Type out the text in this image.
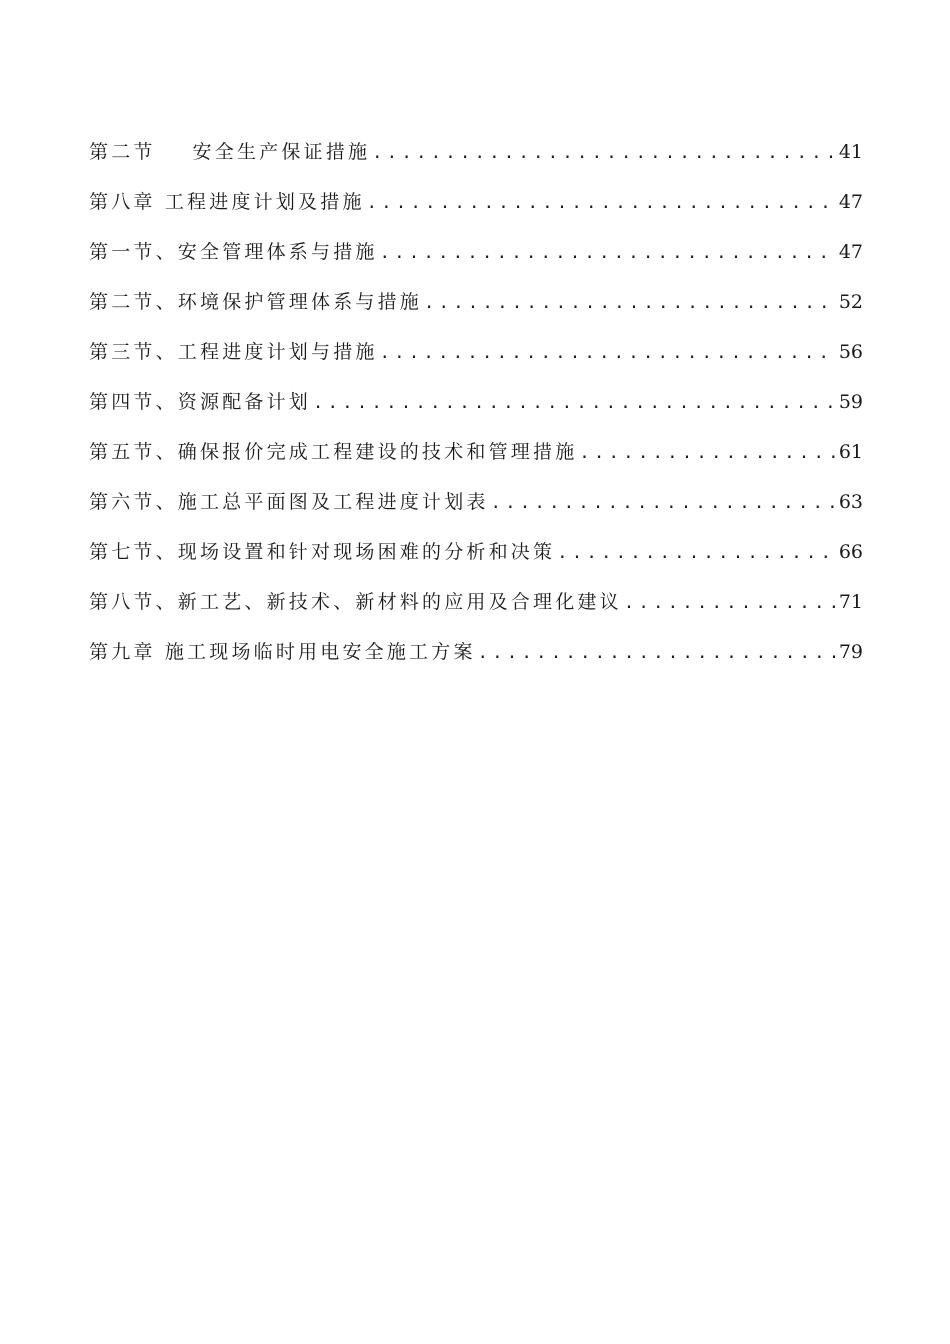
第二节    安全生产保证措施 .....	41
第八章 工程进度计划及措施 .....	47
第一节、安全管理体系与措施 .....	47
第二节、环境保护管理体系与措施 .....	52
第三节、工程进度计划与措施 .....	56
第四节、资源配备计划 .....	59
第五节、确保报价完成工程建设的技术和管理措施 .....	61
第六节、施工总平面图及工程进度计划表 .....	63
第七节、现场设置和针对现场困难的分析和决策 .....	66
第八节、新工艺、新技术、新材料的应用及合理化建议 .....	71
第九章 施工现场临时用电安全施工方案 .....	79
